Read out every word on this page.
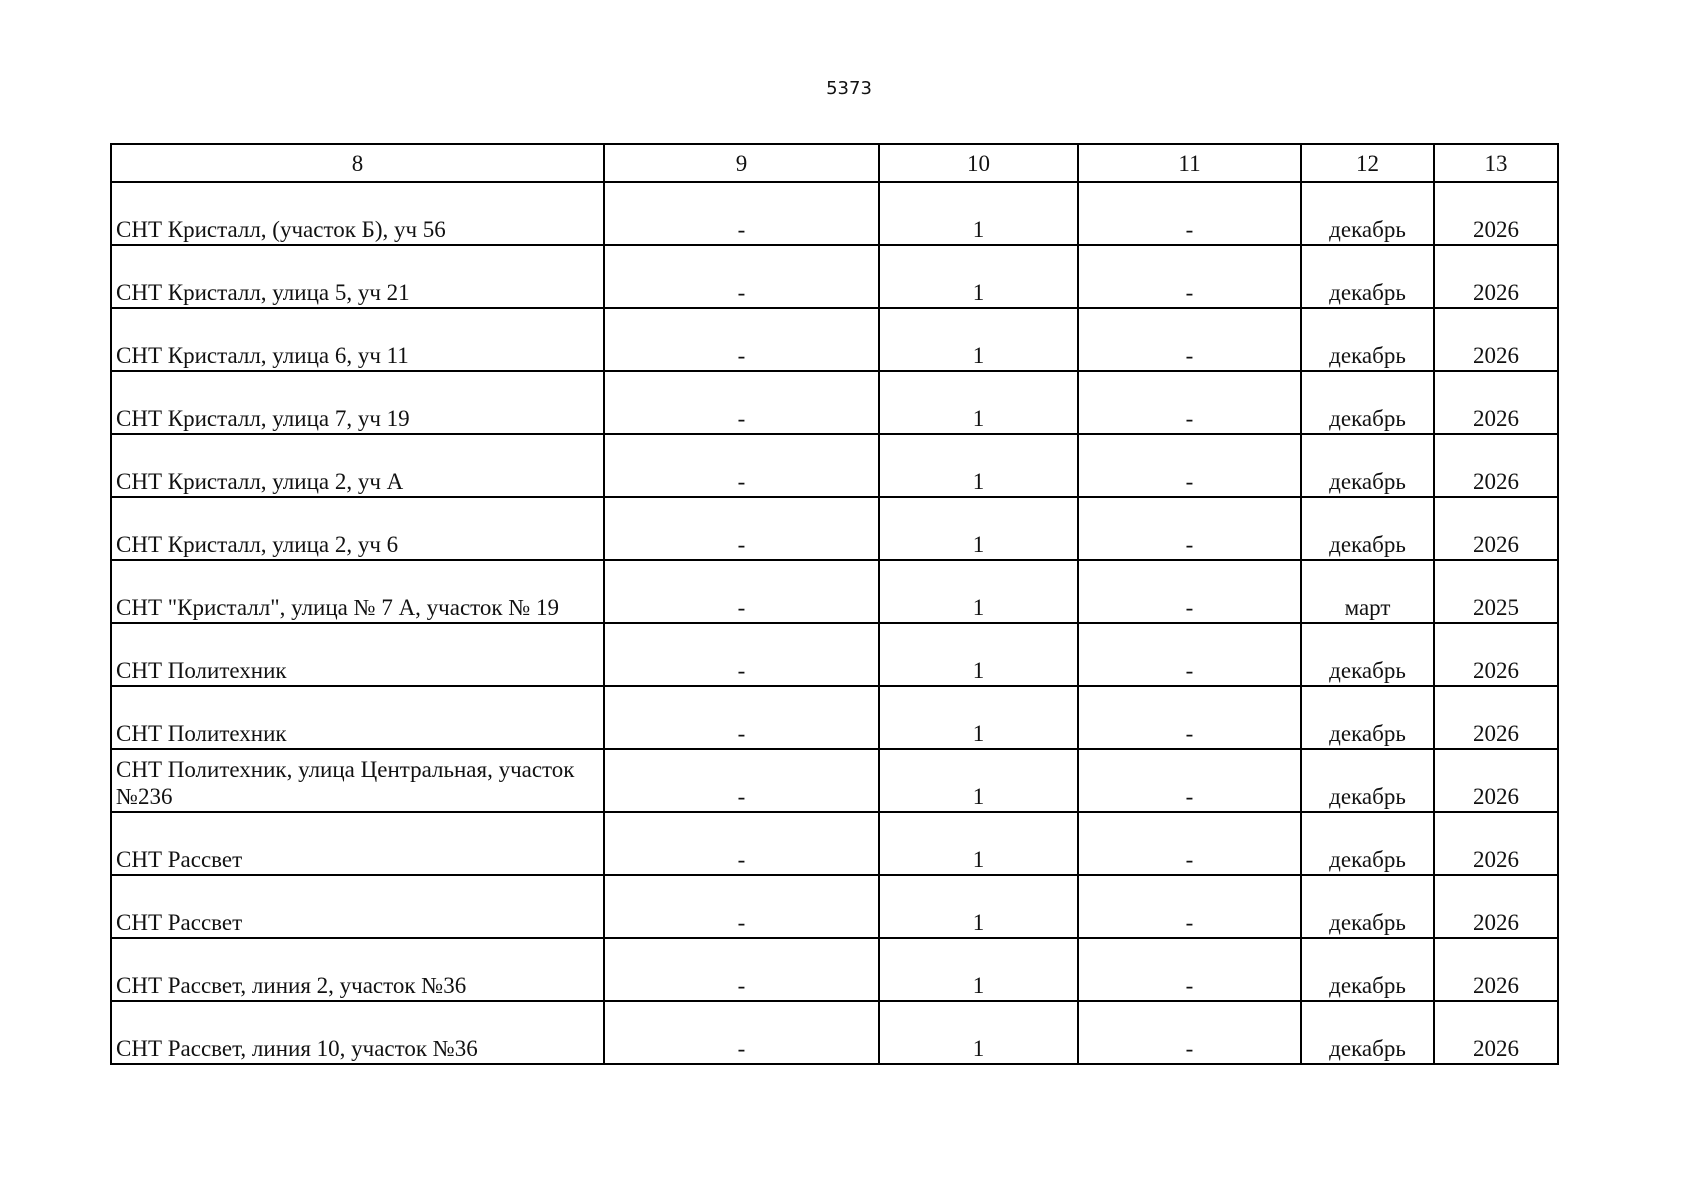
5373
8	9	10	11	12	13
СНТ Кристалл, (участок Б), уч 56	-	1	-	декабрь	2026
СНТ Кристалл, улица 5, уч 21	-	1	-	декабрь	2026
СНТ Кристалл, улица 6, уч 11	-	1	-	декабрь	2026
СНТ Кристалл, улица 7, уч 19	-	1	-	декабрь	2026
СНТ Кристалл, улица 2, уч А	-	1	-	декабрь	2026
СНТ Кристалл, улица 2, уч 6	-	1	-	декабрь	2026
СНТ "Кристалл", улица № 7 А, участок № 19	-	1	-	март	2025
СНТ Политехник	-	1	-	декабрь	2026
СНТ Политехник	-	1	-	декабрь	2026
СНТ Политехник, улица Центральная, участок №236	-	1	-	декабрь	2026
СНТ Рассвет	-	1	-	декабрь	2026
СНТ Рассвет	-	1	-	декабрь	2026
СНТ Рассвет, линия 2, участок №36	-	1	-	декабрь	2026
СНТ Рассвет, линия 10, участок №36	-	1	-	декабрь	2026
